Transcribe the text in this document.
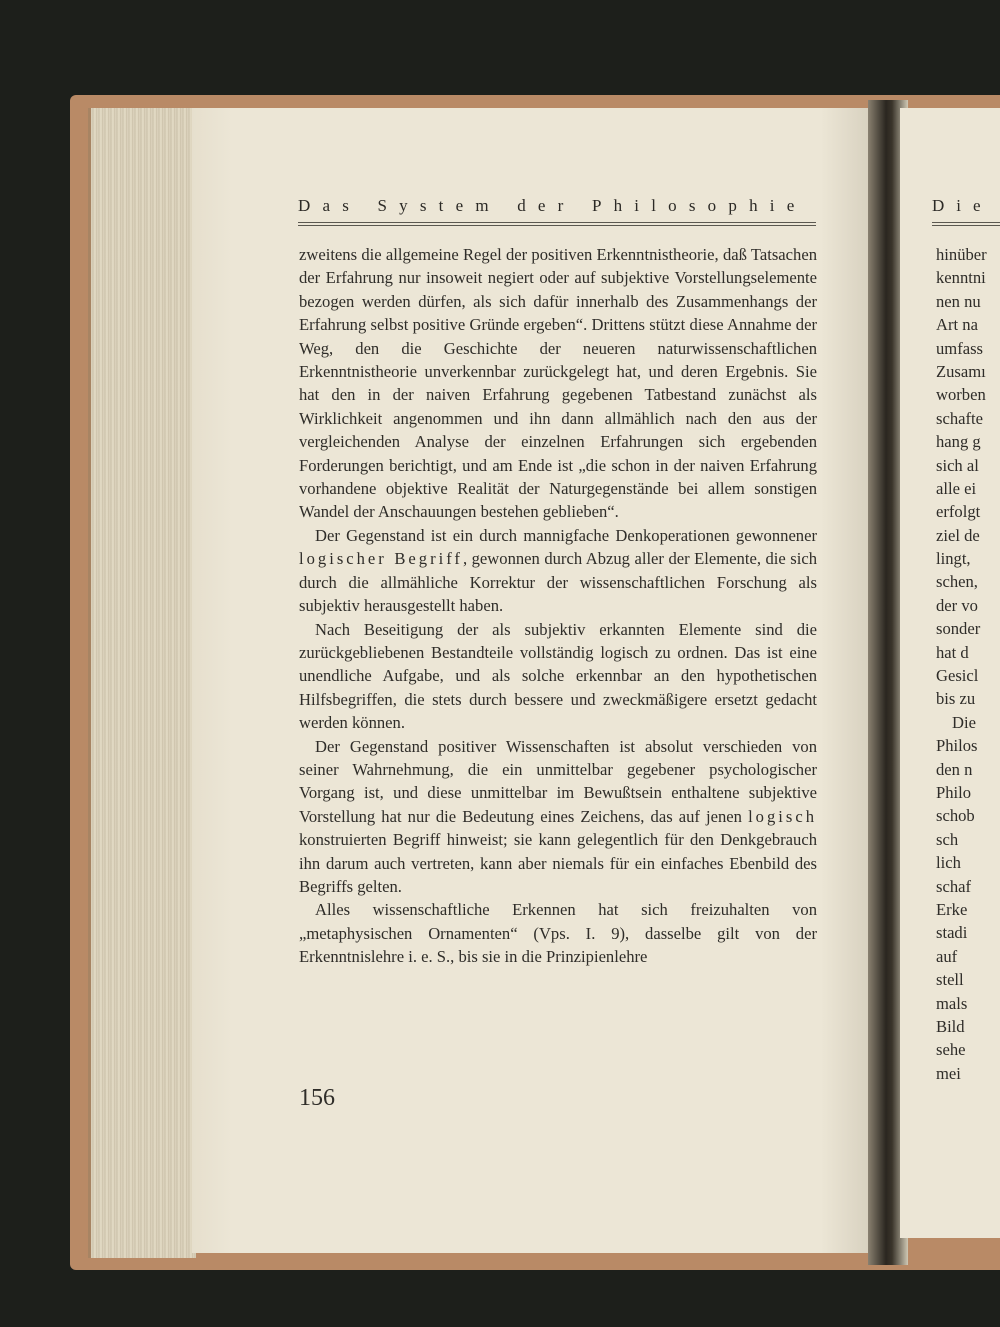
Das System der Philosophie

zweitens die allgemeine Regel der positiven Erkenntnistheorie, daß Tatsachen der Erfahrung nur insoweit negiert oder auf subjektive Vorstellungselemente bezogen werden dürfen, als sich dafür innerhalb des Zusammenhangs der Erfahrung selbst positive Gründe ergeben“. Drittens stützt diese Annahme der Weg, den die Geschichte der neueren naturwissenschaftlichen Erkenntnistheorie unverkennbar zurückgelegt hat, und deren Ergebnis. Sie hat den in der naiven Erfahrung gegebenen Tatbestand zunächst als Wirklichkeit angenommen und ihn dann allmählich nach den aus der vergleichenden Analyse der einzelnen Erfahrungen sich ergebenden Forderungen berichtigt, und am Ende ist „die schon in der naiven Erfahrung vorhandene objektive Realität der Naturgegenstände bei allem sonstigen Wandel der Anschauungen bestehen geblieben“.

Der Gegenstand ist ein durch mannigfache Denkoperationen gewonnener logischer Begriff, gewonnen durch Abzug aller der Elemente, die sich durch die allmähliche Korrektur der wissenschaftlichen Forschung als subjektiv herausgestellt haben.

Nach Beseitigung der als subjektiv erkannten Elemente sind die zurückgebliebenen Bestandteile vollständig logisch zu ordnen. Das ist eine unendliche Aufgabe, und als solche erkennbar an den hypothetischen Hilfsbegriffen, die stets durch bessere und zweckmäßigere ersetzt gedacht werden können.

Der Gegenstand positiver Wissenschaften ist absolut verschieden von seiner Wahrnehmung, die ein unmittelbar gegebener psychologischer Vorgang ist, und diese unmittelbar im Bewußtsein enthaltene subjektive Vorstellung hat nur die Bedeutung eines Zeichens, das auf jenen logisch konstruierten Begriff hinweist; sie kann gelegentlich für den Denkgebrauch ihn darum auch vertreten, kann aber niemals für ein einfaches Ebenbild des Begriffs gelten.

Alles wissenschaftliche Erkennen hat sich freizuhalten von „metaphysischen Ornamenten“ (Vps. I. 9), dasselbe gilt von der Erkenntnislehre i. e. S., bis sie in die Prinzipienlehre

156
Die
hinüber
kenntni
nen nu
Art na
umfass
Zusamı
worben
schafte
hang g
sich al
alle ei
erfolgt
ziel de
lingt,
schen,
der vo
sonder
hat d
Gesicl
bis zu
Die
Philos
den n
Philo
schob
sch
lich
schaf
Erke
stadi
auf
stell
mals
Bild
sehe
mei
